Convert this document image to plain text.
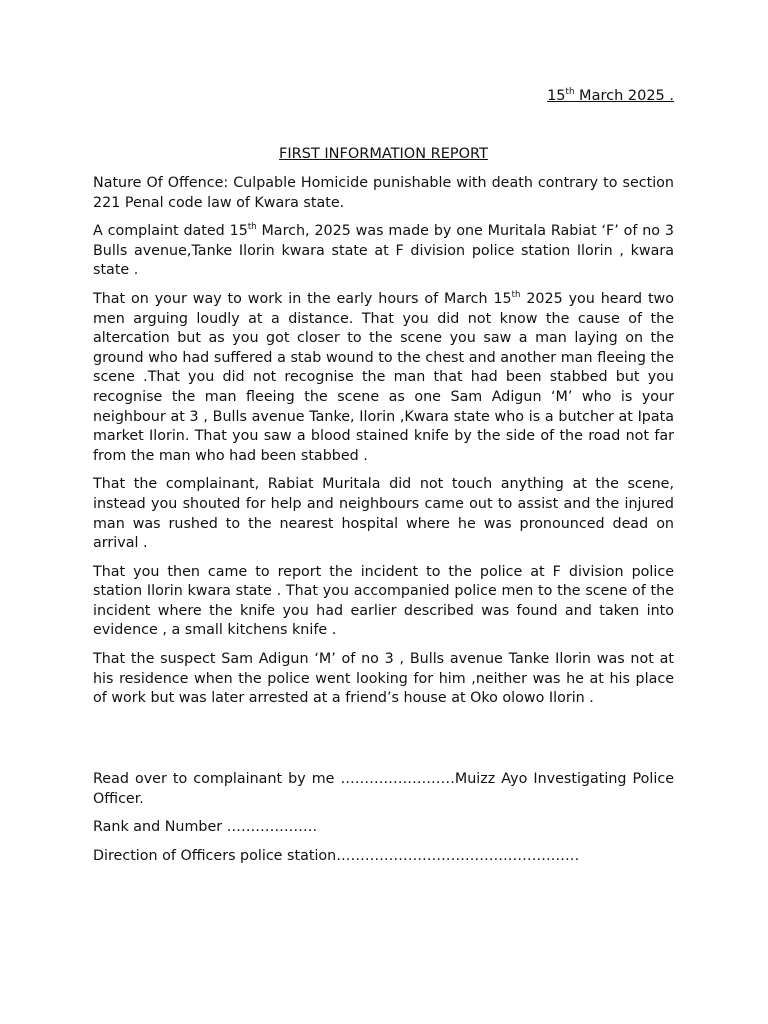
15th March 2025 .
FIRST INFORMATION REPORT

Nature Of Offence: Culpable Homicide punishable with death contrary to section 221 Penal code law of Kwara state.

A complaint dated 15th March, 2025 was made by one Muritala Rabiat ‘F’ of no 3 Bulls avenue,Tanke Ilorin kwara state at F division police station Ilorin , kwara state .

That on your way to work in the early hours of March 15th 2025 you heard two men arguing loudly at a distance. That you did not know the cause of the altercation but as you got closer to the scene you saw a man laying on the ground who had suffered a stab wound to the chest and another man fleeing the scene .That you did not recognise the man that had been stabbed but you recognise the man fleeing the scene as one Sam Adigun ‘M’ who is your neighbour at 3 , Bulls avenue Tanke, Ilorin ,Kwara state who is a butcher at Ipata market Ilorin. That you saw a blood stained knife by the side of the road not far from the man who had been stabbed .

That the complainant, Rabiat Muritala did not touch anything at the scene, instead you shouted for help and neighbours came out to assist and the injured man was rushed to the nearest hospital where he was pronounced dead on arrival .

That you then came to report the incident to the police at F division police station Ilorin kwara state . That you accompanied police men to the scene of the incident where the knife you had earlier described was found and taken into evidence , a small kitchens knife .

That the suspect Sam Adigun ‘M’ of no 3 , Bulls avenue Tanke Ilorin was not at his residence when the police went looking for him ,neither was he at his place of work but was later arrested at a friend’s house at Oko olowo Ilorin .

Read over to complainant by me ……………………Muizz Ayo Investigating Police Officer.

Rank and Number ……………….

Direction of Officers police station……………………………………………
